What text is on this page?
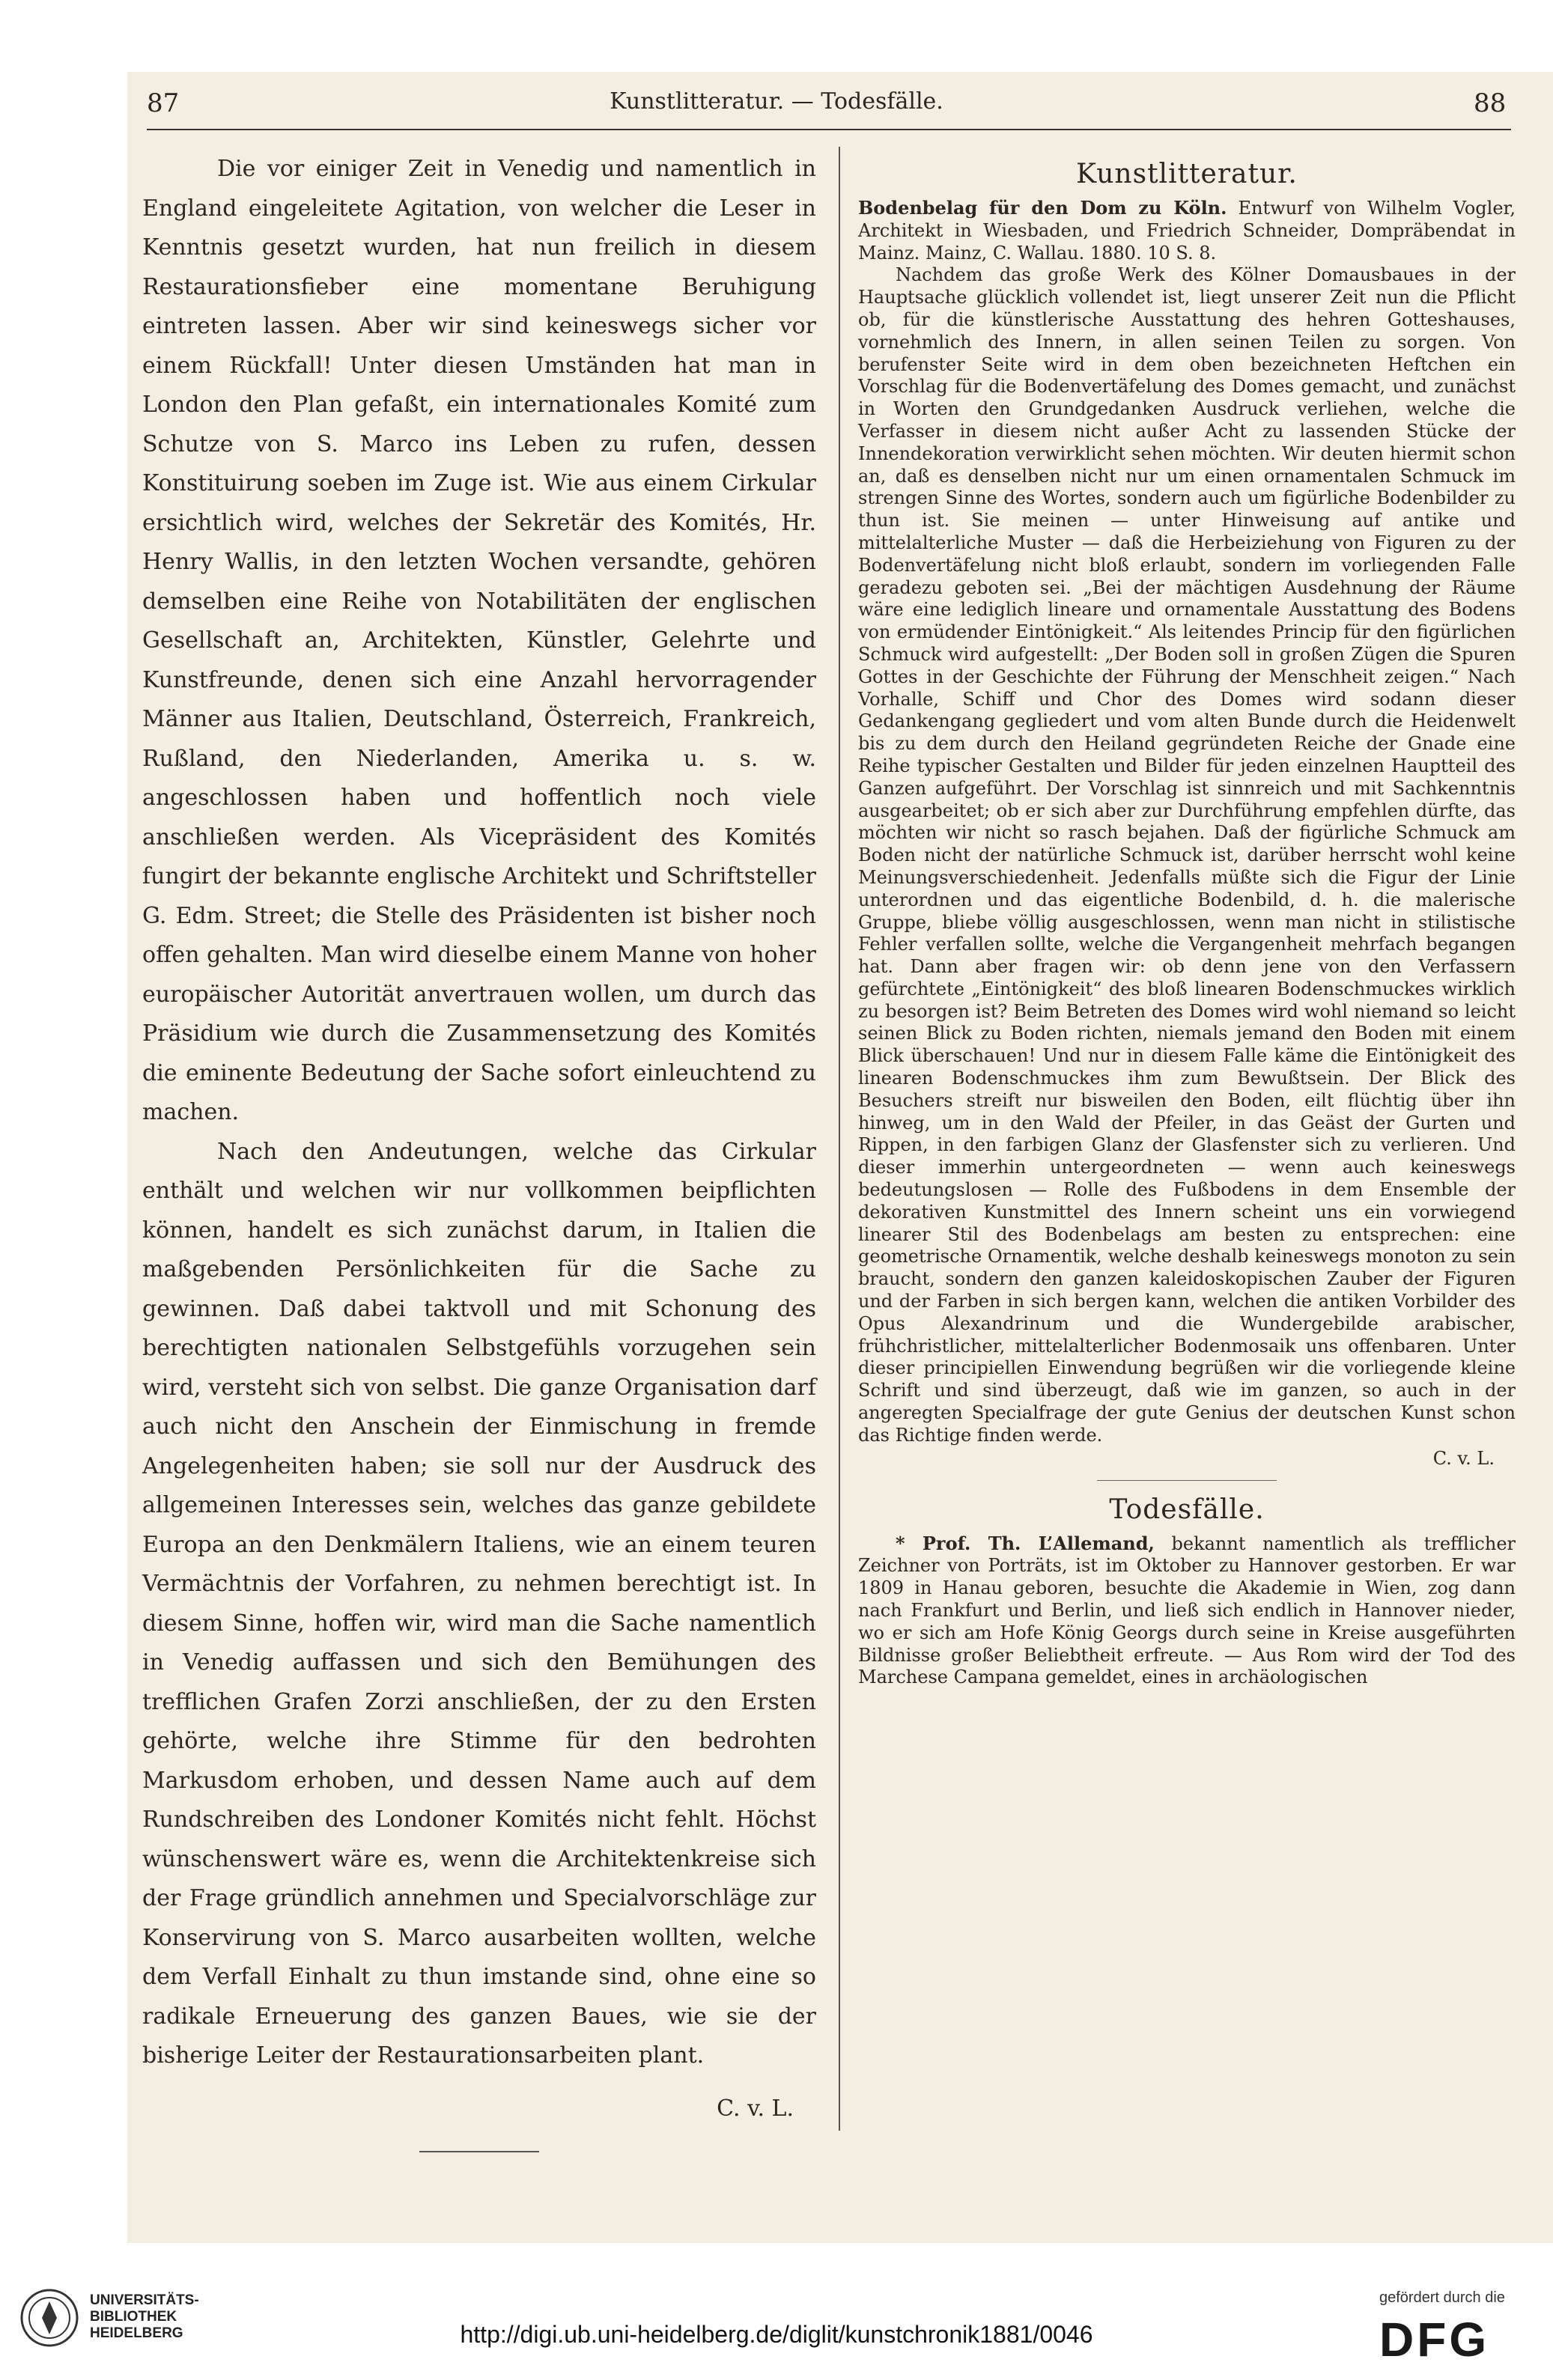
87	Kunstlitteratur. — Todesfälle.	88

Die vor einiger Zeit in Venedig und namentlich in England eingeleitete Agitation, von welcher die Leser in Kenntnis gesetzt wurden, hat nun freilich in diesem Restaurationsfieber eine momentane Beruhigung eintreten lassen. Aber wir sind keineswegs sicher vor einem Rückfall! Unter diesen Umständen hat man in London den Plan gefaßt, ein internationales Komité zum Schutze von S. Marco ins Leben zu rufen, dessen Konstituirung soeben im Zuge ist. Wie aus einem Cirkular ersichtlich wird, welches der Sekretär des Komités, Hr. Henry Wallis, in den letzten Wochen versandte, gehören demselben eine Reihe von Notabilitäten der englischen Gesellschaft an, Architekten, Künstler, Gelehrte und Kunstfreunde, denen sich eine Anzahl hervorragender Männer aus Italien, Deutschland, Österreich, Frankreich, Rußland, den Niederlanden, Amerika u. s. w. angeschlossen haben und hoffentlich noch viele anschließen werden. Als Vicepräsident des Komités fungirt der bekannte englische Architekt und Schriftsteller G. Edm. Street; die Stelle des Präsidenten ist bisher noch offen gehalten. Man wird dieselbe einem Manne von hoher europäischer Autorität anvertrauen wollen, um durch das Präsidium wie durch die Zusammensetzung des Komités die eminente Bedeutung der Sache sofort einleuchtend zu machen.

Nach den Andeutungen, welche das Cirkular enthält und welchen wir nur vollkommen beipflichten können, handelt es sich zunächst darum, in Italien die maßgebenden Persönlichkeiten für die Sache zu gewinnen. Daß dabei taktvoll und mit Schonung des berechtigten nationalen Selbstgefühls vorzugehen sein wird, versteht sich von selbst. Die ganze Organisation darf auch nicht den Anschein der Einmischung in fremde Angelegenheiten haben; sie soll nur der Ausdruck des allgemeinen Interesses sein, welches das ganze gebildete Europa an den Denkmälern Italiens, wie an einem teuren Vermächtnis der Vorfahren, zu nehmen berechtigt ist. In diesem Sinne, hoffen wir, wird man die Sache namentlich in Venedig auffassen und sich den Bemühungen des trefflichen Grafen Zorzi anschließen, der zu den Ersten gehörte, welche ihre Stimme für den bedrohten Markusdom erhoben, und dessen Name auch auf dem Rundschreiben des Londoner Komités nicht fehlt. Höchst wünschenswert wäre es, wenn die Architektenkreise sich der Frage gründlich annehmen und Specialvorschläge zur Konservirung von S. Marco ausarbeiten wollten, welche dem Verfall Einhalt zu thun imstande sind, ohne eine so radikale Erneuerung des ganzen Baues, wie sie der bisherige Leiter der Restaurationsarbeiten plant.

C. v. L.
Kunstlitteratur.

Bodenbelag für den Dom zu Köln. Entwurf von Wilhelm Vogler, Architekt in Wiesbaden, und Friedrich Schneider, Dompräbendat in Mainz. Mainz, C. Wallau. 1880. 10 S. 8.

Nachdem das große Werk des Kölner Domausbaues in der Hauptsache glücklich vollendet ist, liegt unserer Zeit nun die Pflicht ob, für die künstlerische Ausstattung des hehren Gotteshauses, vornehmlich des Innern, in allen seinen Teilen zu sorgen. Von berufenster Seite wird in dem oben bezeichneten Heftchen ein Vorschlag für die Bodenvertäfelung des Domes gemacht, und zunächst in Worten den Grundgedanken Ausdruck verliehen, welche die Verfasser in diesem nicht außer Acht zu lassenden Stücke der Innendekoration verwirklicht sehen möchten. Wir deuten hiermit schon an, daß es denselben nicht nur um einen ornamentalen Schmuck im strengen Sinne des Wortes, sondern auch um figürliche Bodenbilder zu thun ist. Sie meinen — unter Hinweisung auf antike und mittelalterliche Muster — daß die Herbeiziehung von Figuren zu der Bodenvertäfelung nicht bloß erlaubt, sondern im vorliegenden Falle geradezu geboten sei. „Bei der mächtigen Ausdehnung der Räume wäre eine lediglich lineare und ornamentale Ausstattung des Bodens von ermüdender Eintönigkeit.“ Als leitendes Princip für den figürlichen Schmuck wird aufgestellt: „Der Boden soll in großen Zügen die Spuren Gottes in der Geschichte der Führung der Menschheit zeigen.“ Nach Vorhalle, Schiff und Chor des Domes wird sodann dieser Gedankengang gegliedert und vom alten Bunde durch die Heidenwelt bis zu dem durch den Heiland gegründeten Reiche der Gnade eine Reihe typischer Gestalten und Bilder für jeden einzelnen Hauptteil des Ganzen aufgeführt. Der Vorschlag ist sinnreich und mit Sachkenntnis ausgearbeitet; ob er sich aber zur Durchführung empfehlen dürfte, das möchten wir nicht so rasch bejahen. Daß der figürliche Schmuck am Boden nicht der natürliche Schmuck ist, darüber herrscht wohl keine Meinungsverschiedenheit. Jedenfalls müßte sich die Figur der Linie unterordnen und das eigentliche Bodenbild, d. h. die malerische Gruppe, bliebe völlig ausgeschlossen, wenn man nicht in stilistische Fehler verfallen sollte, welche die Vergangenheit mehrfach begangen hat. Dann aber fragen wir: ob denn jene von den Verfassern gefürchtete „Eintönigkeit“ des bloß linearen Bodenschmuckes wirklich zu besorgen ist? Beim Betreten des Domes wird wohl niemand so leicht seinen Blick zu Boden richten, niemals jemand den Boden mit einem Blick überschauen! Und nur in diesem Falle käme die Eintönigkeit des linearen Bodenschmuckes ihm zum Bewußtsein. Der Blick des Besuchers streift nur bisweilen den Boden, eilt flüchtig über ihn hinweg, um in den Wald der Pfeiler, in das Geäst der Gurten und Rippen, in den farbigen Glanz der Glasfenster sich zu verlieren. Und dieser immerhin untergeordneten — wenn auch keineswegs bedeutungslosen — Rolle des Fußbodens in dem Ensemble der dekorativen Kunstmittel des Innern scheint uns ein vorwiegend linearer Stil des Bodenbelags am besten zu entsprechen: eine geometrische Ornamentik, welche deshalb keineswegs monoton zu sein braucht, sondern den ganzen kaleidoskopischen Zauber der Figuren und der Farben in sich bergen kann, welchen die antiken Vorbilder des Opus Alexandrinum und die Wundergebilde arabischer, frühchristlicher, mittelalterlicher Bodenmosaik uns offenbaren. Unter dieser principiellen Einwendung begrüßen wir die vorliegende kleine Schrift und sind überzeugt, daß wie im ganzen, so auch in der angeregten Specialfrage der gute Genius der deutschen Kunst schon das Richtige finden werde.

C. v. L.
Todesfälle.

* Prof. Th. L’Allemand, bekannt namentlich als trefflicher Zeichner von Porträts, ist im Oktober zu Hannover gestorben. Er war 1809 in Hanau geboren, besuchte die Akademie in Wien, zog dann nach Frankfurt und Berlin, und ließ sich endlich in Hannover nieder, wo er sich am Hofe König Georgs durch seine in Kreise ausgeführten Bildnisse großer Beliebtheit erfreute. — Aus Rom wird der Tod des Marchese Campana gemeldet, eines in archäologischen

UNIVERSITÄTS-
BIBLIOTHEK
HEIDELBERG	http://digi.ub.uni-heidelberg.de/diglit/kunstchronik1881/0046
gefördert durch die
DFG
